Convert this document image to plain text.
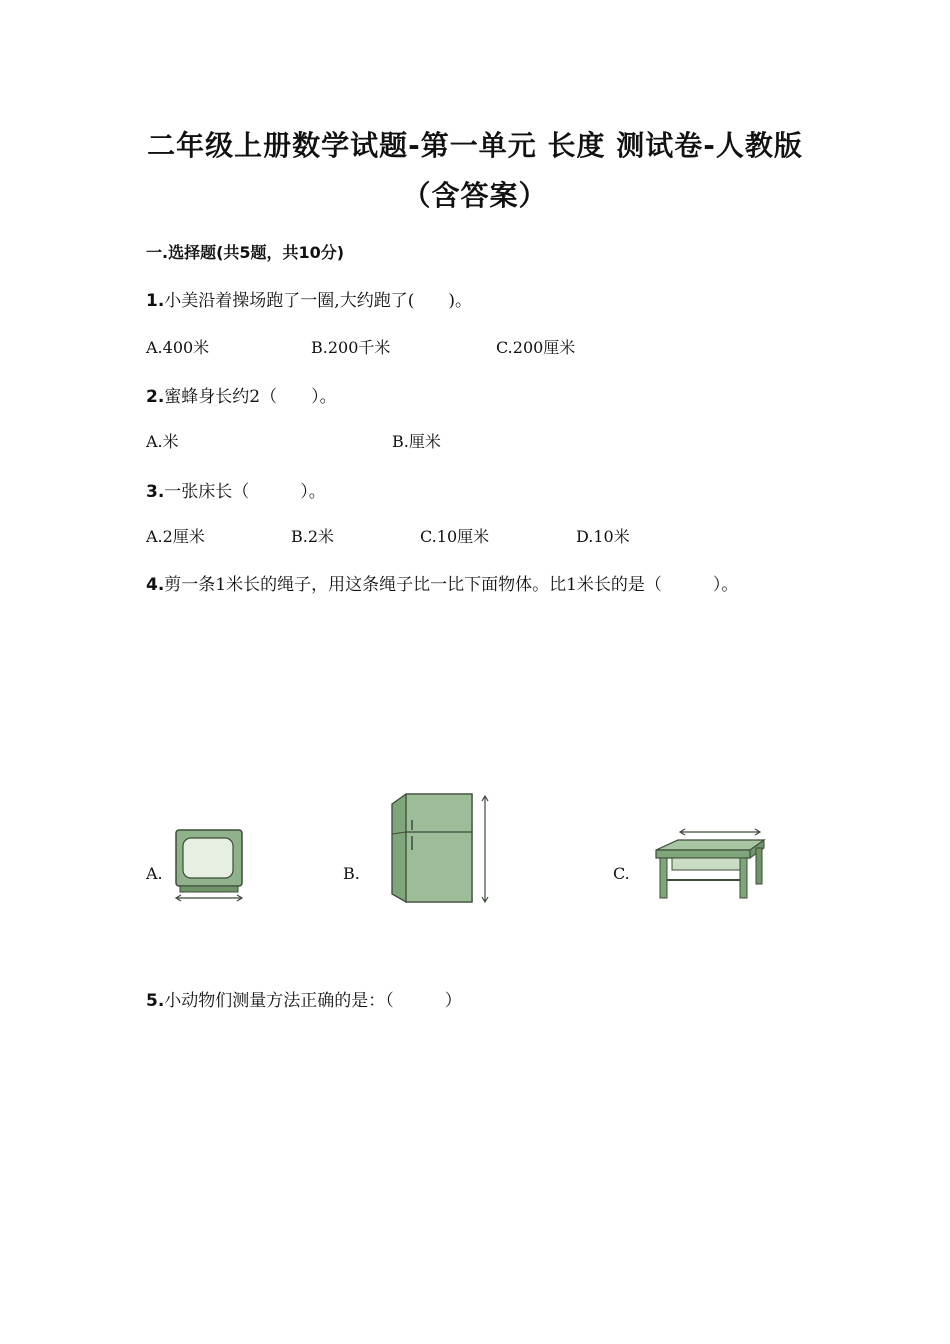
二年级上册数学试题-第一单元 长度 测试卷-人教版
（含答案）
一.选择题(共5题，共10分)
1.小美沿着操场跑了一圈,大约跑了(　　)。
A.400米	B.200千米	C.200厘米
2.蜜蜂身长约2（　　）。
A.米	B.厘米
3.一张床长（　　　）。
A.2厘米	B.2米	C.10厘米	D.10米
4.剪一条1米长的绳子，用这条绳子比一比下面物体。比1米长的是（　　　）。
A.	B.	C.
5.小动物们测量方法正确的是：（　　　）
